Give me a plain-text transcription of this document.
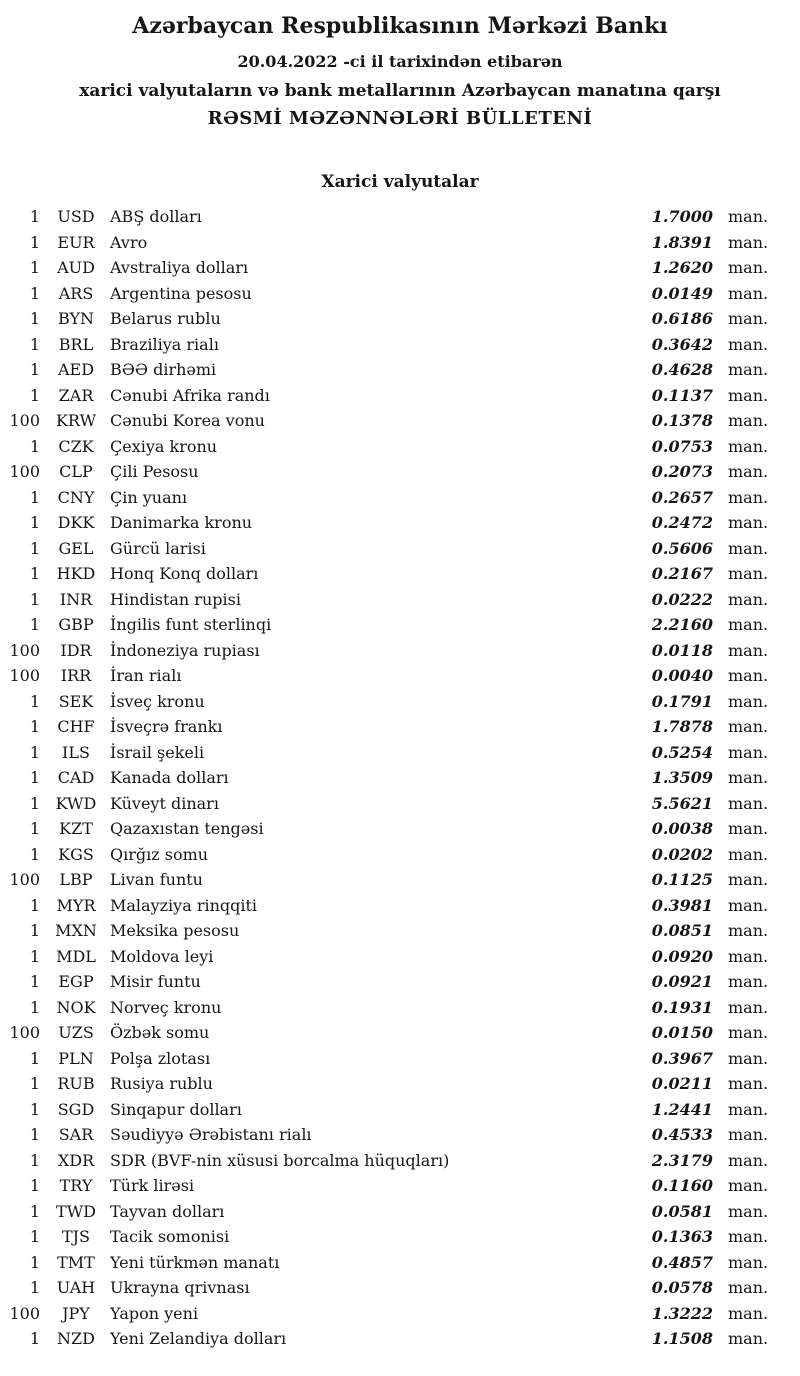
Azərbaycan Respublikasının Mərkəzi Bankı
20.04.2022 -ci il tarixindən etibarən
xarici valyutaların və bank metallarının Azərbaycan manatına qarşı
RƏSMİ MƏZƏNNƏLƏRİ BÜLLETENİ
Xarici valyutalar
1	USD ABŞ dolları	1.7000 man.
1	EUR Avro	1.8391 man.
1	AUD Avstraliya dolları	1.2620 man.
1	ARS	Argentina pesosu	0.0149 man.
1	BYN Belarus rublu	0.6186 man.
1	BRL	Braziliya rialı	0.3642 man.
1	AED BƏƏ dirhəmi	0.4628 man.
1	ZAR	Cənubi Afrika randı	0.1137 man.
100 KRW Cənubi Korea vonu	0.1378 man.
1	CZK	Çexiya kronu	0.0753 man.
100	CLP	Çili Pesosu	0.2073 man.
1	CNY Çin yuanı	0.2657 man.
1	DKK Danimarka kronu	0.2472 man.
1	GEL	Gürcü larisi	0.5606 man.
1 HKD Honq Konq dolları	0.2167 man.
1	INR	Hindistan rupisi	0.0222 man.
1	GBP	İngilis funt sterlinqi	2.2160 man.
100	IDR	İndoneziya rupiası	0.0118 man.
100	IRR	İran rialı	0.0040 man.
1	SEK	İsveç kronu	0.1791 man.
1	CHF İsveçrə frankı	1.7878 man.
1	ILS	İsrail şekeli	0.5254 man.
1	CAD Kanada dolları	1.3509 man.
1 KWD Küveyt dinarı	5.5621 man.
1	KZT	Qazaxıstan tengəsi	0.0038 man.
1	KGS	Qırğız somu	0.0202 man.
100	LBP	Livan funtu	0.1125 man.
1 MYR Malayziya rinqqiti	0.3981 man.
1 MXN Meksika pesosu	0.0851 man.
1 MDL Moldova leyi	0.0920 man.
1	EGP	Misir funtu	0.0921 man.
1 NOK Norveç kronu	0.1931 man.
100	UZS	Özbək somu	0.0150 man.
1	PLN	Polşa zlotası	0.3967 man.
1	RUB Rusiya rublu	0.0211 man.
1	SGD Sinqapur dolları	1.2441 man.
1	SAR	Səudiyyə Ərəbistanı rialı	0.4533 man.
1	XDR SDR (BVF-nin xüsusi borcalma hüquqları)	2.3179 man.
1	TRY	Türk lirəsi	0.1160 man.
1 TWD Tayvan dolları	0.0581 man.
1	TJS	Tacik somonisi	0.1363 man.
1	TMT Yeni türkmən manatı	0.4857 man.
1 UAH Ukrayna qrivnası	0.0578 man.
100	JPY	Yapon yeni	1.3222 man.
1	NZD Yeni Zelandiya dolları	1.1508 man.
